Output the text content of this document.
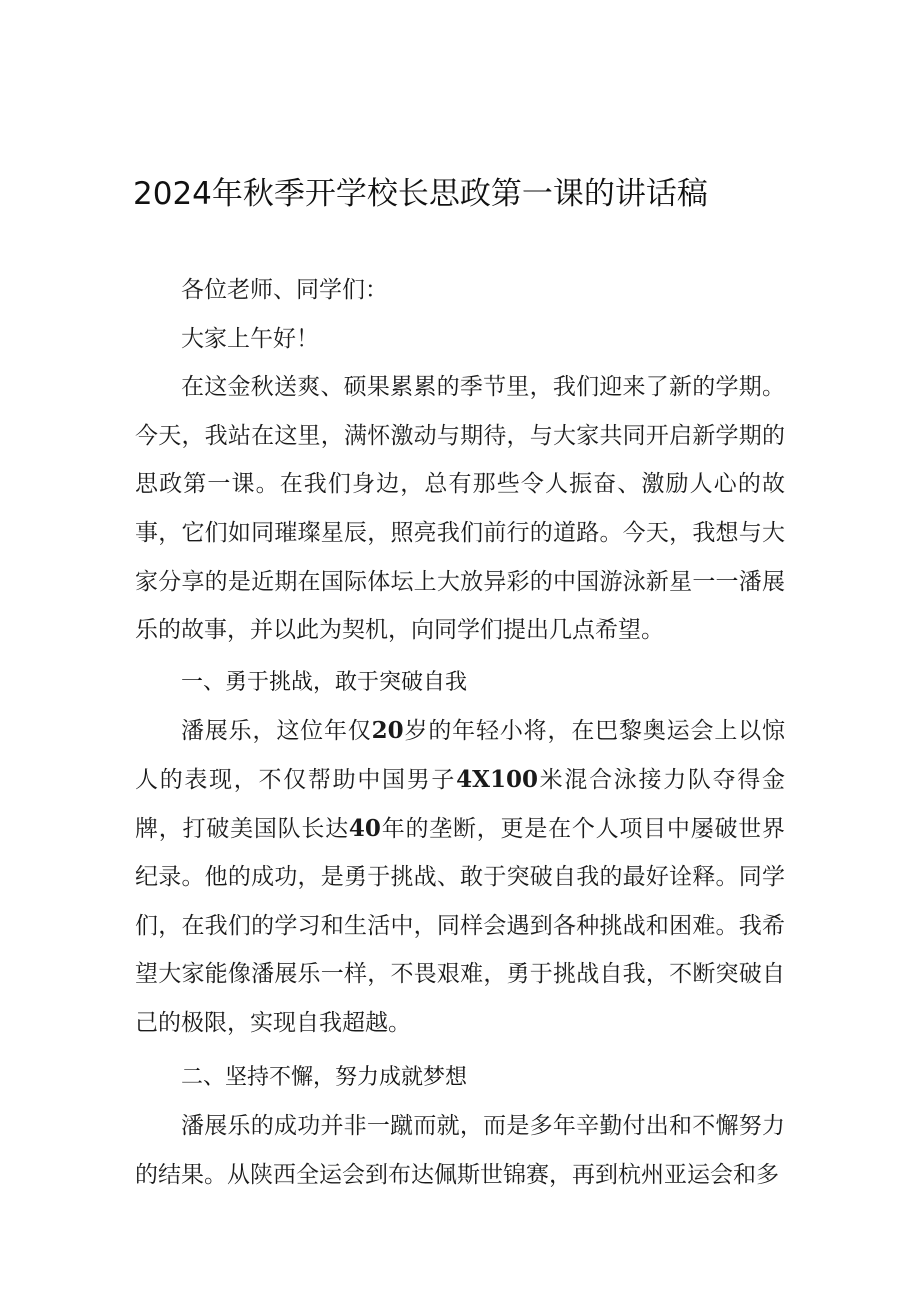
2024年秋季开学校长思政第一课的讲话稿

各位老师、同学们：

大家上午好！

在这金秋送爽、硕果累累的季节里，我们迎来了新的学期。今天，我站在这里，满怀激动与期待，与大家共同开启新学期的思政第一课。在我们身边，总有那些令人振奋、激励人心的故事，它们如同璀璨星辰，照亮我们前行的道路。今天，我想与大家分享的是近期在国际体坛上大放异彩的中国游泳新星一一潘展乐的故事，并以此为契机，向同学们提出几点希望。

一、勇于挑战，敢于突破自我

潘展乐，这位年仅20岁的年轻小将，在巴黎奥运会上以惊人的表现，不仅帮助中国男子4X100米混合泳接力队夺得金牌，打破美国队长达40年的垄断，更是在个人项目中屡破世界纪录。他的成功，是勇于挑战、敢于突破自我的最好诠释。同学们，在我们的学习和生活中，同样会遇到各种挑战和困难。我希望大家能像潘展乐一样，不畏艰难，勇于挑战自我，不断突破自己的极限，实现自我超越。

二、坚持不懈，努力成就梦想

潘展乐的成功并非一蹴而就，而是多年辛勤付出和不懈努力的结果。从陕西全运会到布达佩斯世锦赛，再到杭州亚运会和多
